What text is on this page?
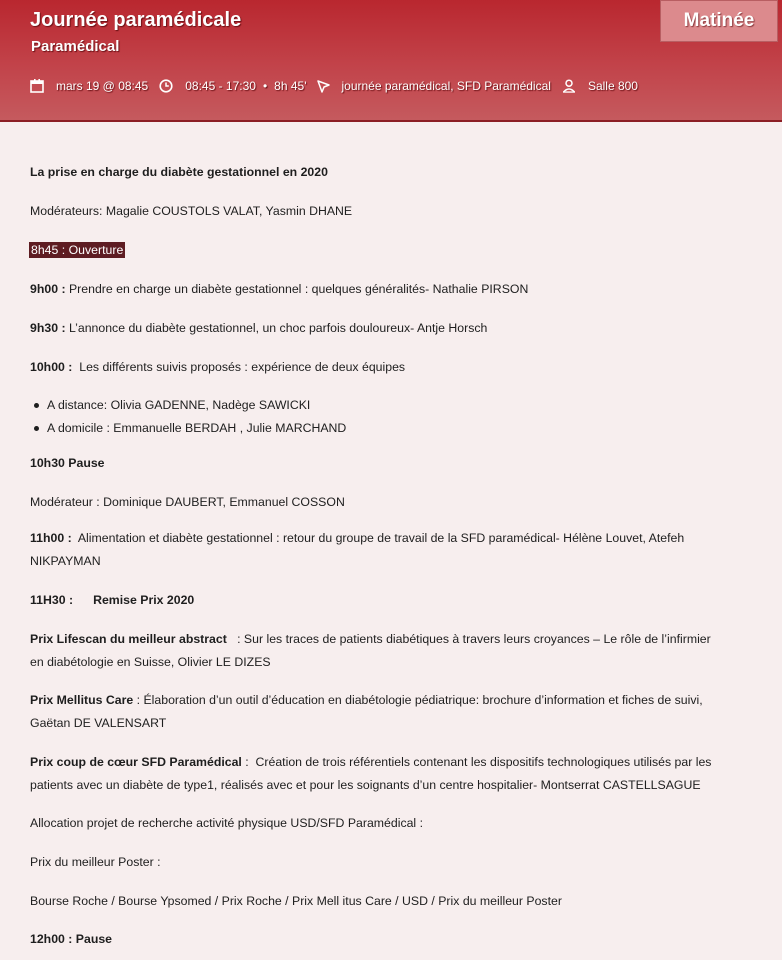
Journée paramédicale
Paramédical
Matinée
mars 19 @ 08:45	08:45 - 17:30 • 8h 45'	journée paramédical, SFD Paramédical	Salle 800
La prise en charge du diabète gestationnel en 2020
Modérateurs: Magalie COUSTOLS VALAT, Yasmin DHANE
8h45 : Ouverture
9h00 : Prendre en charge un diabète gestationnel : quelques généralités- Nathalie PIRSON
9h30 : L’annonce du diabète gestationnel, un choc parfois douloureux- Antje Horsch
10h00 :  Les différents suivis proposés : expérience de deux équipes
A distance: Olivia GADENNE, Nadège SAWICKI
A domicile : Emmanuelle BERDAH , Julie MARCHAND
10h30 Pause
Modérateur : Dominique DAUBERT, Emmanuel COSSON
11h00 :  Alimentation et diabète gestationnel : retour du groupe de travail de la SFD paramédical- Hélène Louvet, Atefeh
NIKPAYMAN
11H30 : Remise Prix 2020
Prix Lifescan du meilleur abstract   : Sur les traces de patients diabétiques à travers leurs croyances – Le rôle de l’infirmier
en diabétologie en Suisse, Olivier LE DIZES
Prix Mellitus Care : Élaboration d’un outil d’éducation en diabétologie pédiatrique: brochure d’information et fiches de suivi,
Gaëtan DE VALENSART
Prix coup de cœur SFD Paramédical :  Création de trois référentiels contenant les dispositifs technologiques utilisés par les
patients avec un diabète de type1, réalisés avec et pour les soignants d’un centre hospitalier- Montserrat CASTELLSAGUE
Allocation projet de recherche activité physique USD/SFD Paramédical :
Prix du meilleur Poster :
Bourse Roche / Bourse Ypsomed / Prix Roche / Prix Mell itus Care / USD / Prix du meilleur Poster
12h00 : Pause
